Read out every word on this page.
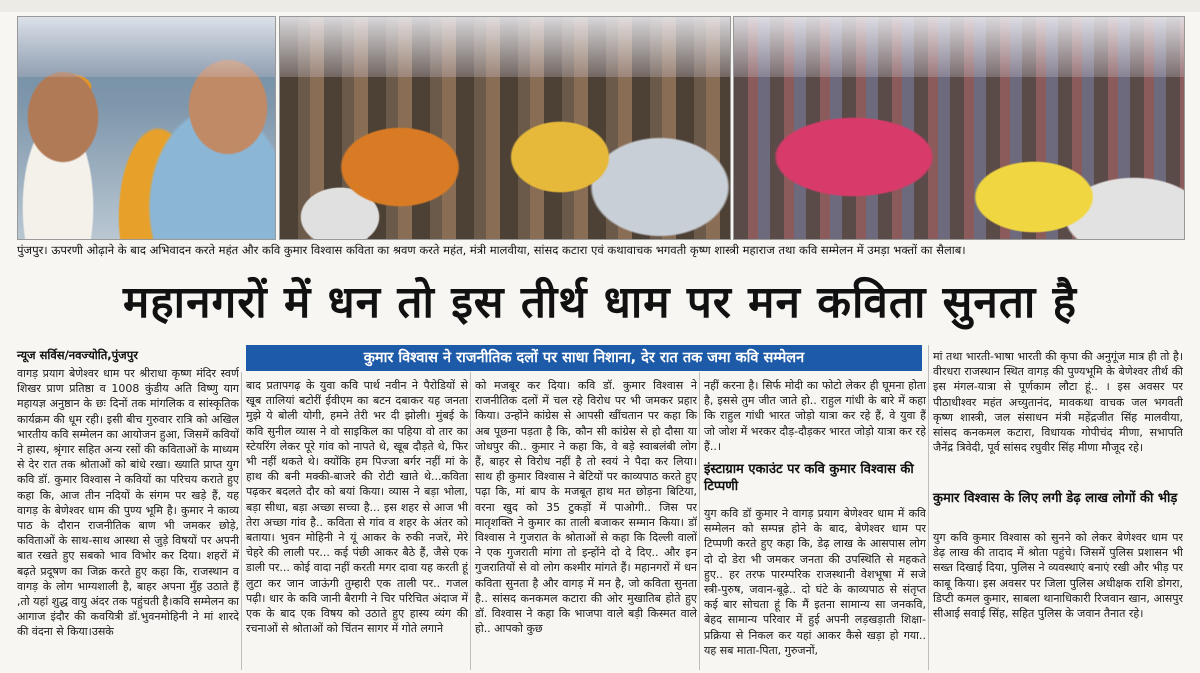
पुंजपुर। ऊपरणी ओढ़ाने के बाद अभिवादन करते महंत और कवि कुमार विश्वास कविता का श्रवण करते महंत, मंत्री मालवीया, सांसद कटारा एवं कथावाचक भगवती कृष्ण शास्त्री महाराज तथा कवि सम्मेलन में उमड़ा भक्तों का सैलाब।
महानगरों में धन तो इस तीर्थ धाम पर मन कविता सुनता है
न्यूज सर्विस/नवज्योति,पुंजपुर	कुमार विश्वास ने राजनीतिक दलों पर साधा निशाना, देर रात तक जमा कवि सम्मेलन

वागड़ प्रयाग बेणेश्वर धाम पर श्रीराधा कृष्ण मंदिर स्वर्ण शिखर प्राण प्रतिष्ठा व 1008 कुंडीय अति विष्णु याग महायज्ञ अनुष्ठान के छः दिनों तक मांगलिक व सांस्कृतिक कार्यक्रम की धूम रही। इसी बीच गुरुवार रात्रि को अखिल भारतीय कवि सम्मेलन का आयोजन हुआ, जिसमें कवियों ने हास्य, श्रृंगार सहित अन्य रसों की कविताओं के माध्यम से देर रात तक श्रोताओं को बांधे रखा। ख्याति प्राप्त युग कवि डॉ. कुमार विश्वास ने कवियों का परिचय कराते हुए कहा कि, आज तीन नदियों के संगम पर खड़े हैं, यह वागड़ के बेणेश्वर धाम की पुण्य भूमि है। कुमार ने काव्य पाठ के दौरान राजनीतिक बाण भी जमकर छोड़े, कविताओं के साथ-साथ आस्था से जुड़े विषयों पर अपनी बात रखते हुए सबको भाव विभोर कर दिया। शहरों में बढ़ते प्रदूषण का जिक्र करते हुए कहा कि, राजस्थान व वागड़ के लोग भाग्यशाली है, बाहर अपना मुँह उठाते हैं ,तो यहां शुद्ध वायु अंदर तक पहुंचती है।कवि सम्मेलन का आगाज इंदौर की कवयित्री डॉ.भुवनमोहिनी ने मां शारदे की वंदना से किया।उसके

बाद प्रतापगढ़ के युवा कवि पार्थ नवीन ने पैरोडियों से खूब तालियां बटोरीं ईवीएम का बटन दबाकर यह जनता मुझे ये बोली योगी, हमने तेरी भर दी झोली। मुंबई के कवि सुनील व्यास ने वो साइकिल का पहिया वो तार का स्टेयरिंग लेकर पूरे गांव को नापते थे, खूब दौड़ते थे, फिर भी नहीं थकते थे। क्योंकि हम पिज्जा बर्गर नहीं मां के हाथ की बनी मक्की-बाजरे की रोटी खाते थे...कविता पढ़कर बदलते दौर को बयां किया। व्यास ने बड़ा भोला, बड़ा सीधा, बड़ा अच्छा सच्चा है... इस शहर से आज भी तेरा अच्छा गांव है.. कविता से गांव व शहर के अंतर को बताया। भुवन मोहिनी ने यूं आकर के रुकी नजरें, मेरे चेहरे की लाली पर... कई पंछी आकर बैठे हैं, जैसे एक डाली पर... कोई वादा नहीं करती मगर दावा यह करती हूं लुटा कर जान जाऊंगी तुम्हारी एक ताली पर.. गजल पढ़ी। धार के कवि जानी बैरागी ने चिर परिचित अंदाज में एक के बाद एक विषय को उठाते हुए हास्य व्यंग की रचनाओं से श्रोताओं को चिंतन सागर में गोते लगाने

को मजबूर कर दिया। कवि डॉ. कुमार विश्वास ने राजनीतिक दलों में चल रहे विरोध पर भी जमकर प्रहार किया। उन्होंने कांग्रेस से आपसी खींचतान पर कहा कि अब पूछना पड़ता है कि, कौन सी कांग्रेस से हो दौसा या जोधपुर की.. कुमार ने कहा कि, वे बड़े स्वाबलंबी लोग हैं, बाहर से विरोध नहीं है तो स्वयं ने पैदा कर लिया। साथ ही कुमार विश्वास ने बेटियों पर काव्यपाठ करते हुए पढ़ा कि, मां बाप के मजबूत हाथ मत छोड़ना बिटिया, वरना खुद को 35 टुकड़ों में पाओगी.. जिस पर मातृशक्ति ने कुमार का ताली बजाकर सम्मान किया। डॉ विश्वास ने गुजरात के श्रोताओं से कहा कि दिल्ली वालों ने एक गुजराती मांगा तो इन्होंने दो दे दिए.. और इन गुजरातियों से वो लोग कश्मीर मांगते हैं। महानगरों में धन कविता सुनता है और वागड़ में मन है, जो कविता सुनता है.. सांसद कनकमल कटारा की ओर मुखातिब होते हुए डॉ. विश्वास ने कहा कि भाजपा वाले बड़ी किस्मत वाले हो.. आपको कुछ

नहीं करना है। सिर्फ मोदी का फोटो लेकर ही घूमना होता है, इससे तुम जीत जाते हो.. राहुल गांधी के बारे में कहा कि राहुल गांधी भारत जोड़ो यात्रा कर रहे हैं, वे युवा हैं जो जोश में भरकर दौड़-दौड़कर भारत जोड़ो यात्रा कर रहे हैं..।

इंस्टाग्राम एकाउंट पर कवि कुमार विश्वास की टिप्पणी

युग कवि डॉ कुमार ने वागड़ प्रयाग बेणेश्वर धाम में कवि सम्मेलन को सम्पन्न होने के बाद, बेणेश्वर धाम पर टिप्पणी करते हुए कहा कि, डेढ़ लाख के आसपास लोग दो दो डेरा भी जमकर जनता की उपस्थिति से महकते हुए.. हर तरफ पारम्परिक राजस्थानी वेशभूषा में सजे स्त्री-पुरुष, जवान-बूढ़े.. दो घंटे के काव्यपाठ से संतृप्त कई बार सोचता हूं कि मैं इतना सामान्य सा जनकवि, बेहद सामान्य परिवार में हुई अपनी लड़खड़ाती शिक्षा-प्रक्रिया से निकल कर यहां आकर कैसे खड़ा हो गया.. यह सब माता-पिता, गुरुजनों,

मां तथा भारती-भाषा भारती की कृपा की अनुगूंज मात्र ही तो है। वीरधरा राजस्थान स्थित वागड़ की पुण्यभूमि के बेणेश्वर तीर्थ की इस मंगल-यात्रा से पूर्णकाम लौटा हूं.. । इस अवसर पर पीठाधीश्वर महंत अच्युतानंद, मावकथा वाचक जल भगवती कृष्ण शास्त्री, जल संसाधन मंत्री महेंद्रजीत सिंह मालवीया, सांसद कनकमल कटारा, विधायक गोपीचंद मीणा, सभापति जैनेंद्र त्रिवेदी, पूर्व सांसद रघुवीर सिंह मीणा मौजूद रहे।

कुमार विश्वास के लिए लगी डेढ़ लाख लोगों की भीड़

युग कवि कुमार विश्वास को सुनने को लेकर बेणेश्वर धाम पर डेढ़ लाख की तादाद में श्रोता पहुंचे। जिसमें पुलिस प्रशासन भी सख्त दिखाई दिया, पुलिस ने व्यवस्थाएं बनाएं रखी और भीड़ पर काबू किया। इस अवसर पर जिला पुलिस अधीक्षक राशि डोगरा, डिप्टी कमल कुमार, साबला थानाधिकारी रिजवान खान, आसपुर सीआई सवाई सिंह, सहित पुलिस के जवान तैनात रहे।
